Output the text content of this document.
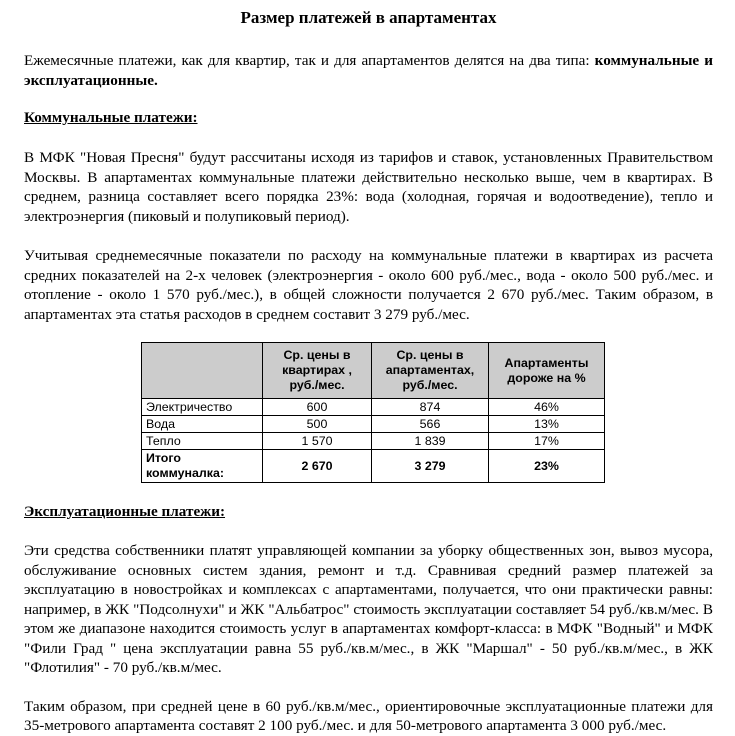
Размер платежей в апартаментах

Ежемесячные платежи, как для квартир, так и для апартаментов делятся на два типа: коммунальные и эксплуатационные.

Коммунальные платежи:

В МФК "Новая Пресня" будут рассчитаны исходя из тарифов и ставок, установленных Правительством Москвы. В апартаментах коммунальные платежи действительно несколько выше, чем в квартирах. В среднем, разница составляет всего порядка 23%: вода (холодная, горячая и водоотведение), тепло и электроэнергия (пиковый и полупиковый период).

Учитывая среднемесячные показатели по расходу на коммунальные платежи в квартирах из расчета средних показателей на 2-х человек (электроэнергия - около 600 руб./мес., вода - около 500 руб./мес. и отопление - около 1 570 руб./мес.), в общей сложности получается 2 670 руб./мес. Таким образом, в апартаментах эта статья расходов в среднем составит 3 279 руб./мес.

	Ср. цены в квартирах , руб./мес.	Ср. цены в апартаментах, руб./мес.	Апартаменты дороже на %
Электричество	600	874	46%
Вода	500	566	13%
Тепло	1 570	1 839	17%
Итого коммуналка:	2 670	3 279	23%
Эксплуатационные платежи:

Эти средства собственники платят управляющей компании за уборку общественных зон, вывоз мусора, обслуживание основных систем здания, ремонт и т.д. Сравнивая средний размер платежей за эксплуатацию в новостройках и комплексах с апартаментами, получается, что они практически равны: например, в ЖК "Подсолнухи" и ЖК "Альбатрос" стоимость эксплуатации составляет 54 руб./кв.м/мес. В этом же диапазоне находится стоимость услуг в апартаментах комфорт-класса: в МФК "Водный" и МФК "Фили Град " цена эксплуатации равна 55 руб./кв.м/мес., в ЖК "Маршал" - 50 руб./кв.м/мес., в ЖК "Флотилия" - 70 руб./кв.м/мес.

Таким образом, при средней цене в 60 руб./кв.м/мес., ориентировочные эксплуатационные платежи для 35-метрового апартамента составят 2 100 руб./мес. и для 50-метрового апартамента 3 000 руб./мес.
